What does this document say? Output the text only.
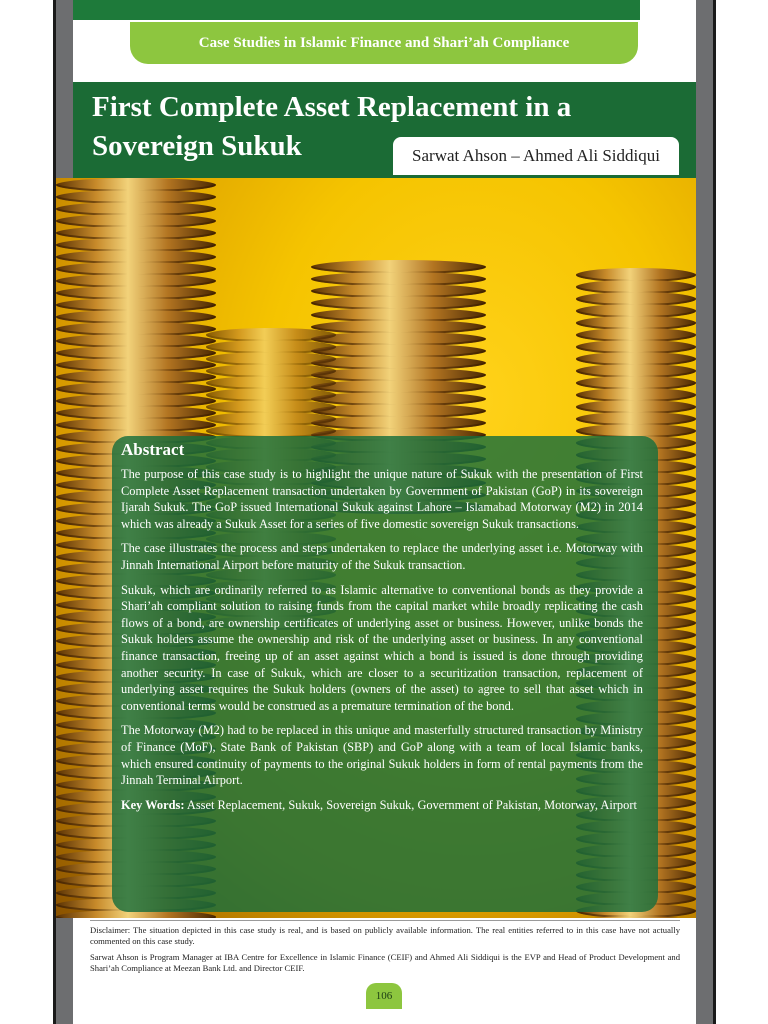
Case Studies in Islamic Finance and Shari’ah Compliance
First Complete Asset Replacement in a Sovereign Sukuk	Sarwat Ahson – Ahmed Ali Siddiqui
Abstract

The purpose of this case study is to highlight the unique nature of Sukuk with the presentation of First Complete Asset Replacement transaction undertaken by Government of Pakistan (GoP) in its sovereign Ijarah Sukuk. The GoP issued International Sukuk against Lahore – Islamabad Motorway (M2) in 2014 which was already a Sukuk Asset for a series of five domestic sovereign Sukuk transactions.

The case illustrates the process and steps undertaken to replace the underlying asset i.e. Motorway with Jinnah International Airport before maturity of the Sukuk transaction.

Sukuk, which are ordinarily referred to as Islamic alternative to conventional bonds as they provide a Shari’ah compliant solution to raising funds from the capital market while broadly replicating the cash flows of a bond, are ownership certificates of underlying asset or business. However, unlike bonds the Sukuk holders assume the ownership and risk of the underlying asset or business. In any conventional finance transaction, freeing up of an asset against which a bond is issued is done through providing another security. In case of Sukuk, which are closer to a securitization transaction, replacement of underlying asset requires the Sukuk holders (owners of the asset) to agree to sell that asset which in conventional terms would be construed as a premature termination of the bond.

The Motorway (M2) had to be replaced in this unique and masterfully structured transaction by Ministry of Finance (MoF), State Bank of Pakistan (SBP) and GoP along with a team of local Islamic banks, which ensured continuity of payments to the original Sukuk holders in form of rental payments from the Jinnah Terminal Airport.

Key Words: Asset Replacement, Sukuk, Sovereign Sukuk, Government of Pakistan, Motorway, Airport

Disclaimer: The situation depicted in this case study is real, and is based on publicly available information. The real entities referred to in this case have not actually commented on this case study.

Sarwat Ahson is Program Manager at IBA Centre for Excellence in Islamic Finance (CEIF) and Ahmed Ali Siddiqui is the EVP and Head of Product Development and Shari’ah Compliance at Meezan Bank Ltd. and Director CEIF.

106
